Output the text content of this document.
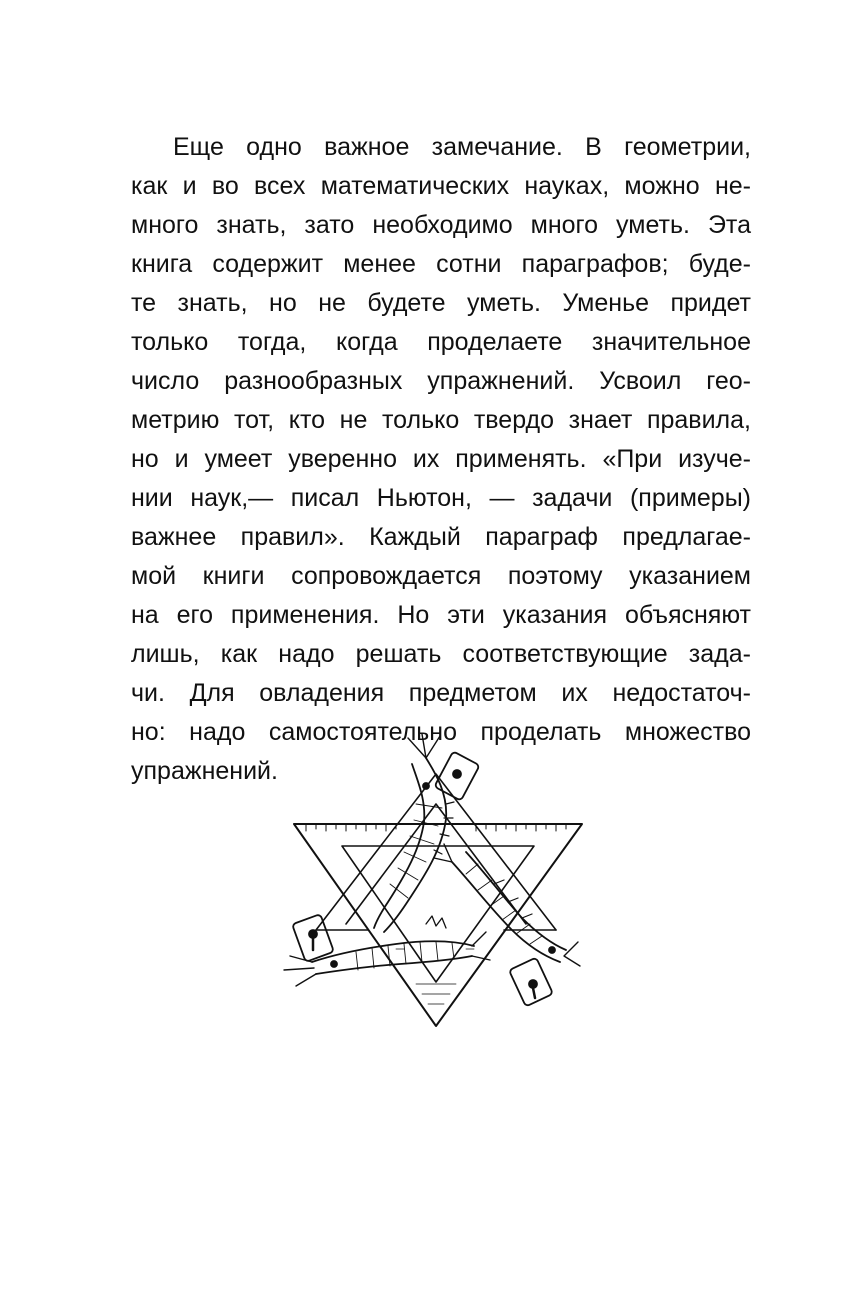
Еще одно важное замечание. В геометрии,
как и во всех математических науках, можно не-
много знать, зато необходимо много уметь. Эта
книга содержит менее сотни параграфов; буде-
те знать, но не будете уметь. Уменье придет
только тогда, когда проделаете значительное
число разнообразных упражнений. Усвоил гео-
метрию тот, кто не только твердо знает правила,
но и умеет уверенно их применять. «При изуче-
нии наук,— писал Ньютон, — задачи (примеры)
важнее правил». Каждый параграф предлагае-
мой книги сопровождается поэтому указанием
на его применения. Но эти указания объясняют
лишь, как надо решать соответствующие зада-
чи. Для овладения предметом их недостаточ-
но: надо самостоятельно проделать множество
упражнений.
